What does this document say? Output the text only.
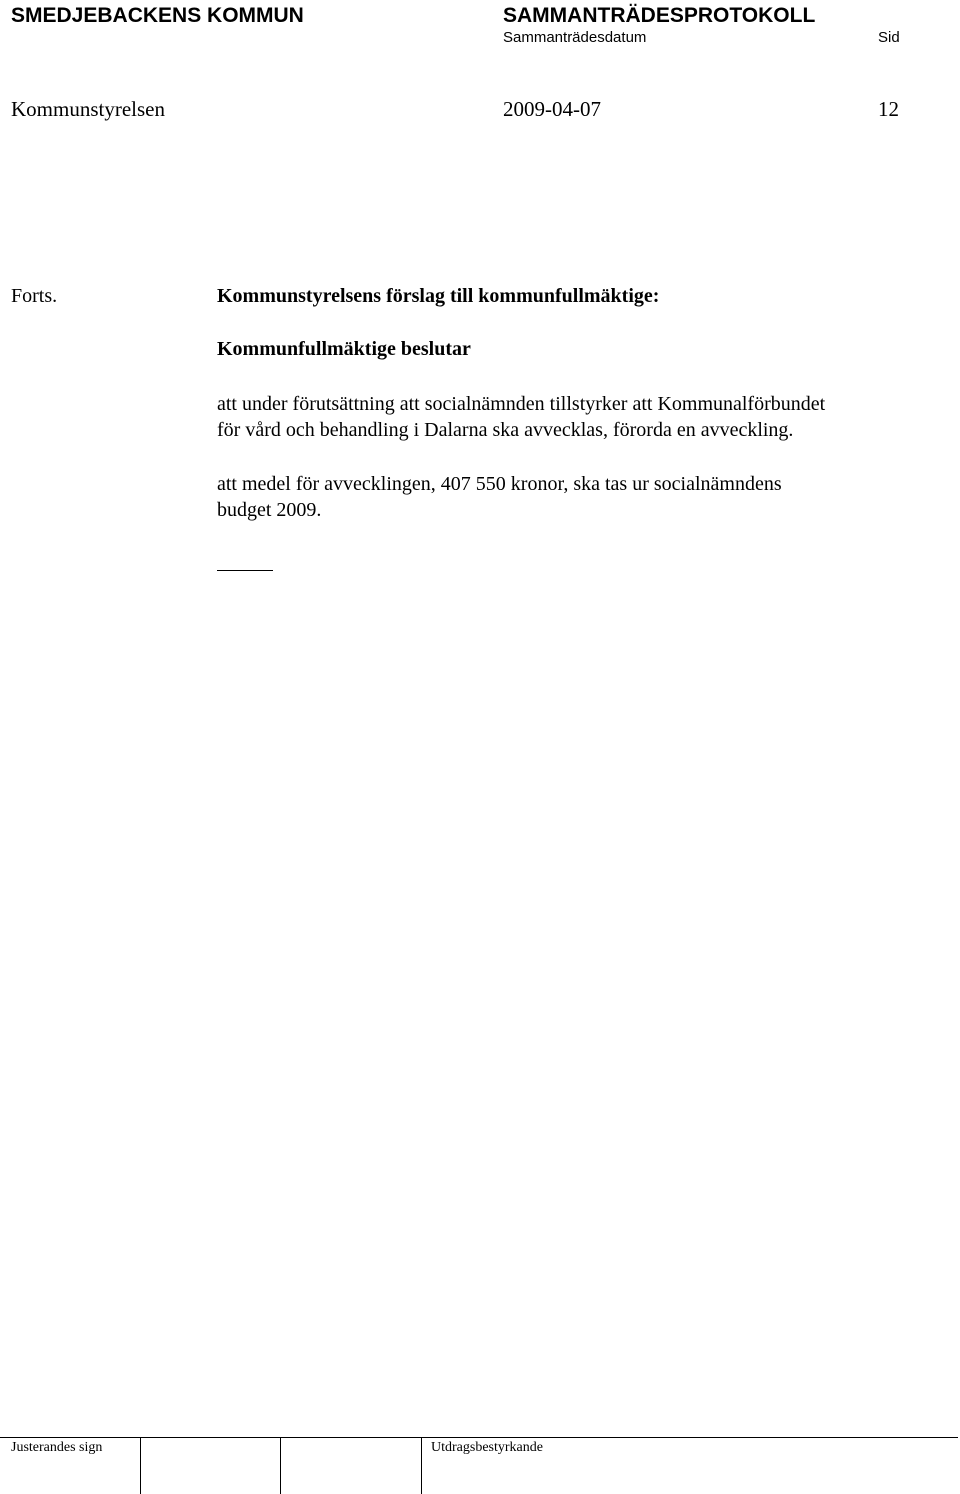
SMEDJEBACKENS KOMMUN	SAMMANTRÄDESPROTOKOLL
Sammanträdesdatum	Sid
Kommunstyrelsen	2009-04-07	12
Forts.	Kommunstyrelsens förslag till kommunfullmäktige:
Kommunfullmäktige beslutar
att under förutsättning att socialnämnden tillstyrker att Kommunalförbundet
för vård och behandling i Dalarna ska avvecklas, förorda en avveckling.
att medel för avvecklingen, 407 550 kronor, ska tas ur socialnämndens
budget 2009.
Justerandes sign	Utdragsbestyrkande
